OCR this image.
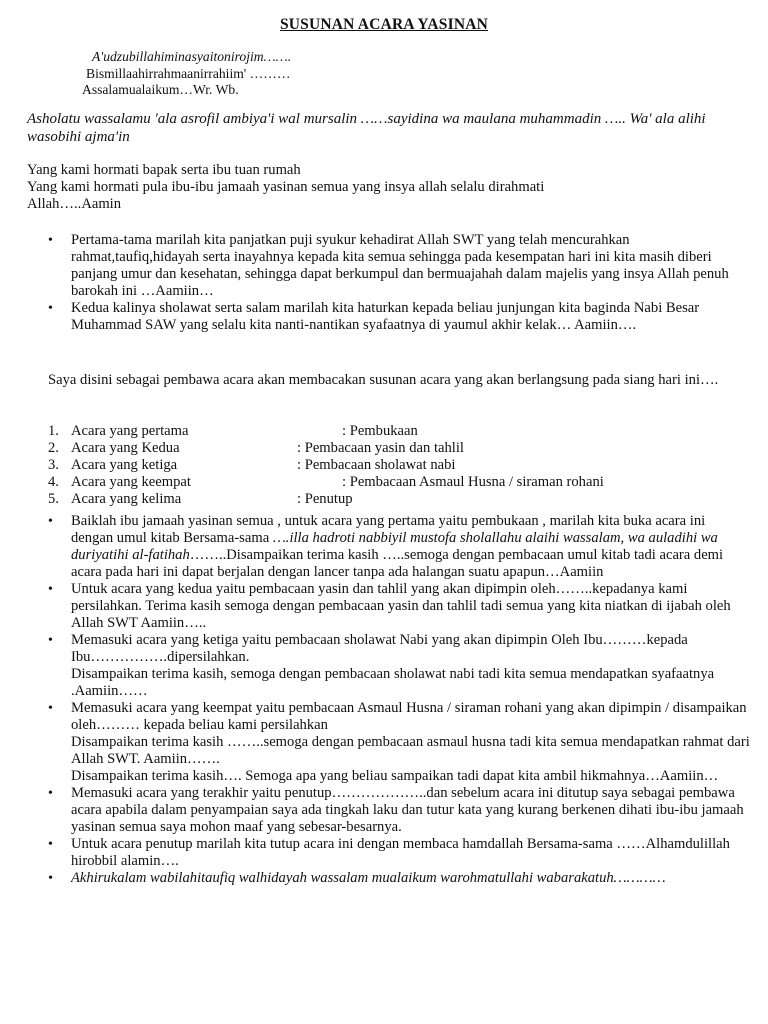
SUSUNAN ACARA YASINAN
A'udzubillahiminasyaitonirojim…….
Bismillaahirrahmaanirrahiim' ………
Assalamualaikum…Wr. Wb.
Asholatu wassalamu 'ala asrofil ambiya'i wal mursalin ……sayidina wa maulana muhammadin ….. Wa' ala alihi wasobihi ajma'in
Yang kami hormati bapak serta ibu tuan rumah
Yang kami hormati pula ibu-ibu jamaah yasinan semua yang insya allah selalu dirahmati
Allah…..Aamin
• Pertama-tama marilah kita panjatkan puji syukur kehadirat Allah SWT yang telah mencurahkan rahmat,taufiq,hidayah serta inayahnya kepada kita semua sehingga pada kesempatan hari ini kita masih diberi panjang umur dan kesehatan, sehingga dapat berkumpul dan bermuajahah dalam majelis yang insya Allah penuh barokah ini …Aamiin…
• Kedua kalinya sholawat serta salam marilah kita haturkan kepada beliau junjungan kita baginda Nabi Besar Muhammad SAW yang selalu kita nanti-nantikan syafaatnya di yaumul akhir kelak… Aamiin….
Saya disini sebagai pembawa acara akan membacakan susunan acara yang akan berlangsung pada siang hari ini….
1. Acara yang pertama	: Pembukaan
2. Acara yang Kedua	: Pembacaan yasin dan tahlil
3. Acara yang ketiga	: Pembacaan sholawat nabi
4. Acara yang keempat	: Pembacaan Asmaul Husna / siraman rohani
5. Acara yang kelima	: Penutup
• Baiklah ibu jamaah yasinan semua , untuk acara yang pertama yaitu pembukaan , marilah kita buka acara ini dengan umul kitab Bersama-sama ….illa hadroti nabbiyil mustofa sholallahu alaihi wassalam, wa auladihi wa duriyatihi al-fatihah……..Disampaikan terima kasih …..semoga dengan pembacaan umul kitab tadi acara demi acara pada hari ini dapat berjalan dengan lancer tanpa ada halangan suatu apapun…Aamiin
• Untuk acara yang kedua yaitu pembacaan yasin dan tahlil yang akan dipimpin oleh……..kepadanya kami persilahkan. Terima kasih semoga dengan pembacaan yasin dan tahlil tadi semua yang kita niatkan di ijabah oleh Allah SWT Aamiin…..
• Memasuki acara yang ketiga yaitu pembacaan sholawat Nabi yang akan dipimpin Oleh Ibu………kepada Ibu…………….dipersilahkan.
Disampaikan terima kasih, semoga dengan pembacaan sholawat nabi tadi kita semua mendapatkan syafaatnya .Aamiin……
• Memasuki acara yang keempat yaitu pembacaan Asmaul Husna / siraman rohani yang akan dipimpin / disampaikan oleh……… kepada beliau kami persilahkan
Disampaikan terima kasih ……..semoga dengan pembacaan asmaul husna tadi kita semua mendapatkan rahmat dari Allah SWT. Aamiin…….
Disampaikan terima kasih…. Semoga apa yang beliau sampaikan tadi dapat kita ambil hikmahnya…Aamiin…
• Memasuki acara yang terakhir yaitu penutup………………..dan sebelum acara ini ditutup saya sebagai pembawa acara apabila dalam penyampaian saya ada tingkah laku dan tutur kata yang kurang berkenen dihati ibu-ibu jamaah yasinan semua saya mohon maaf yang sebesar-besarnya.
• Untuk acara penutup marilah kita tutup acara ini dengan membaca hamdallah Bersama-sama ……Alhamdulillah hirobbil alamin….
• Akhirukalam wabilahitaufiq walhidayah wassalam mualaikum warohmatullahi wabarakatuh…………
